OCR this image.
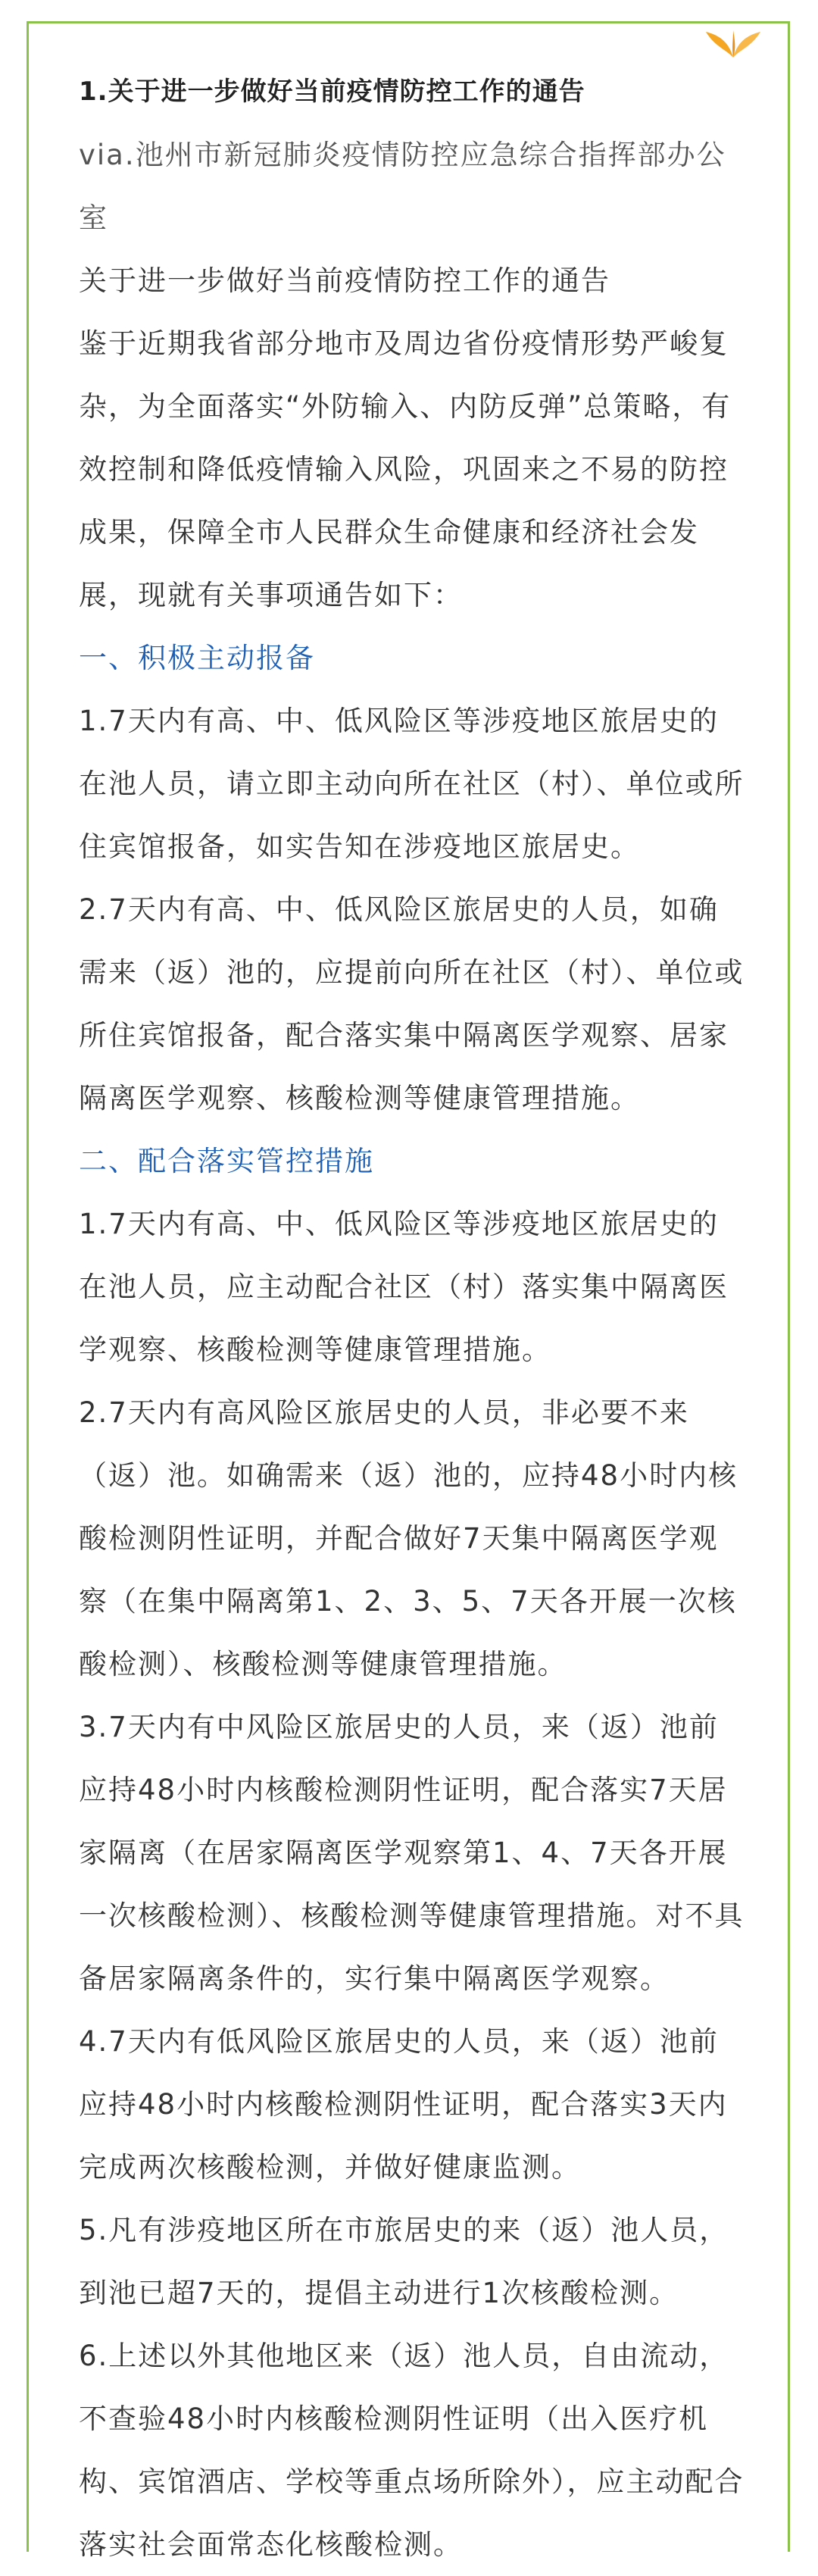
1.关于进一步做好当前疫情防控工作的通告

via.池州市新冠肺炎疫情防控应急综合指挥部办公室

关于进一步做好当前疫情防控工作的通告

鉴于近期我省部分地市及周边省份疫情形势严峻复杂，为全面落实“外防输入、内防反弹”总策略，有效控制和降低疫情输入风险，巩固来之不易的防控成果，保障全市人民群众生命健康和经济社会发展，现就有关事项通告如下：

一、积极主动报备

1.7天内有高、中、低风险区等涉疫地区旅居史的在池人员，请立即主动向所在社区（村）、单位或所住宾馆报备，如实告知在涉疫地区旅居史。

2.7天内有高、中、低风险区旅居史的人员，如确需来（返）池的，应提前向所在社区（村）、单位或所住宾馆报备，配合落实集中隔离医学观察、居家隔离医学观察、核酸检测等健康管理措施。

二、配合落实管控措施

1.7天内有高、中、低风险区等涉疫地区旅居史的在池人员，应主动配合社区（村）落实集中隔离医学观察、核酸检测等健康管理措施。

2.7天内有高风险区旅居史的人员，非必要不来（返）池。如确需来（返）池的，应持48小时内核酸检测阴性证明，并配合做好7天集中隔离医学观察（在集中隔离第1、2、3、5、7天各开展一次核酸检测）、核酸检测等健康管理措施。

3.7天内有中风险区旅居史的人员，来（返）池前应持48小时内核酸检测阴性证明，配合落实7天居家隔离（在居家隔离医学观察第1、4、7天各开展一次核酸检测）、核酸检测等健康管理措施。对不具备居家隔离条件的，实行集中隔离医学观察。

4.7天内有低风险区旅居史的人员，来（返）池前应持48小时内核酸检测阴性证明，配合落实3天内完成两次核酸检测，并做好健康监测。

5.凡有涉疫地区所在市旅居史的来（返）池人员，到池已超7天的，提倡主动进行1次核酸检测。

6.上述以外其他地区来（返）池人员，自由流动，不查验48小时内核酸检测阴性证明（出入医疗机构、宾馆酒店、学校等重点场所除外），应主动配合落实社会面常态化核酸检测。
